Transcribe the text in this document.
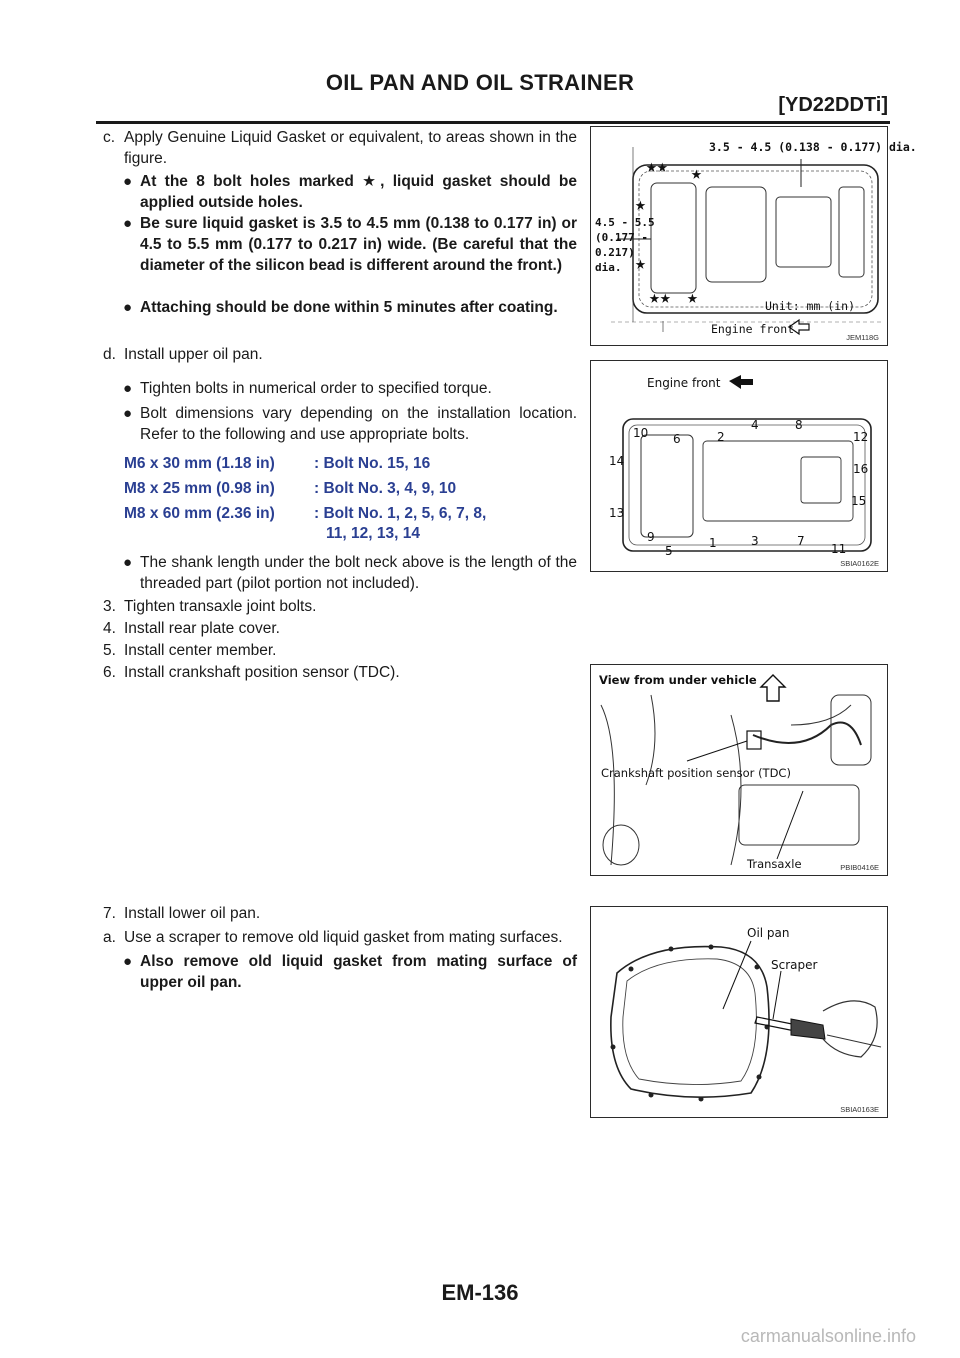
OIL PAN AND OIL STRAINER
[YD22DDTi]
c. Apply Genuine Liquid Gasket or equivalent, to areas shown in the figure.
● At the 8 bolt holes marked ★, liquid gasket should be applied outside holes.
● Be sure liquid gasket is 3.5 to 4.5 mm (0.138 to 0.177 in) or 4.5 to 5.5 mm (0.177 to 0.217 in) wide. (Be careful that the diameter of the silicon bead is different around the front.)
● Attaching should be done within 5 minutes after coating.
d. Install upper oil pan.
● Tighten bolts in numerical order to specified torque.
● Bolt dimensions vary depending on the installation location. Refer to the following and use appropriate bolts.
M6 x 30 mm (1.18 in)	: Bolt No. 15, 16
M8 x 25 mm (0.98 in)	: Bolt No. 3, 4, 9, 10
M8 x 60 mm (2.36 in)	: Bolt No. 1, 2, 5, 6, 7, 8,
11, 12, 13, 14
● The shank length under the bolt neck above is the length of the threaded part (pilot portion not included).
3. Tighten transaxle joint bolts.
4. Install rear plate cover.
5. Install center member.
6. Install crankshaft position sensor (TDC).
7. Install lower oil pan.
a. Use a scraper to remove old liquid gasket from mating surfaces.
● Also remove old liquid gasket from mating surface of upper oil pan.
★★ ★
★
★
★★ ★
3.5 - 4.5 (0.138 - 0.177) dia.
4.5 - 5.5
(0.177 -
0.217)
dia.
Unit: mm (in)
Engine front
JEM118G
Engine front
10 6	2
4	8
12
14
16
15
13
9
5
1	3	7
11
SBIA0162E
View from under vehicle
Crankshaft position sensor (TDC)
Transaxle	PBIB0416E
Oil pan
Scraper
SBIA0163E
EM-136
carmanualsonline.info
